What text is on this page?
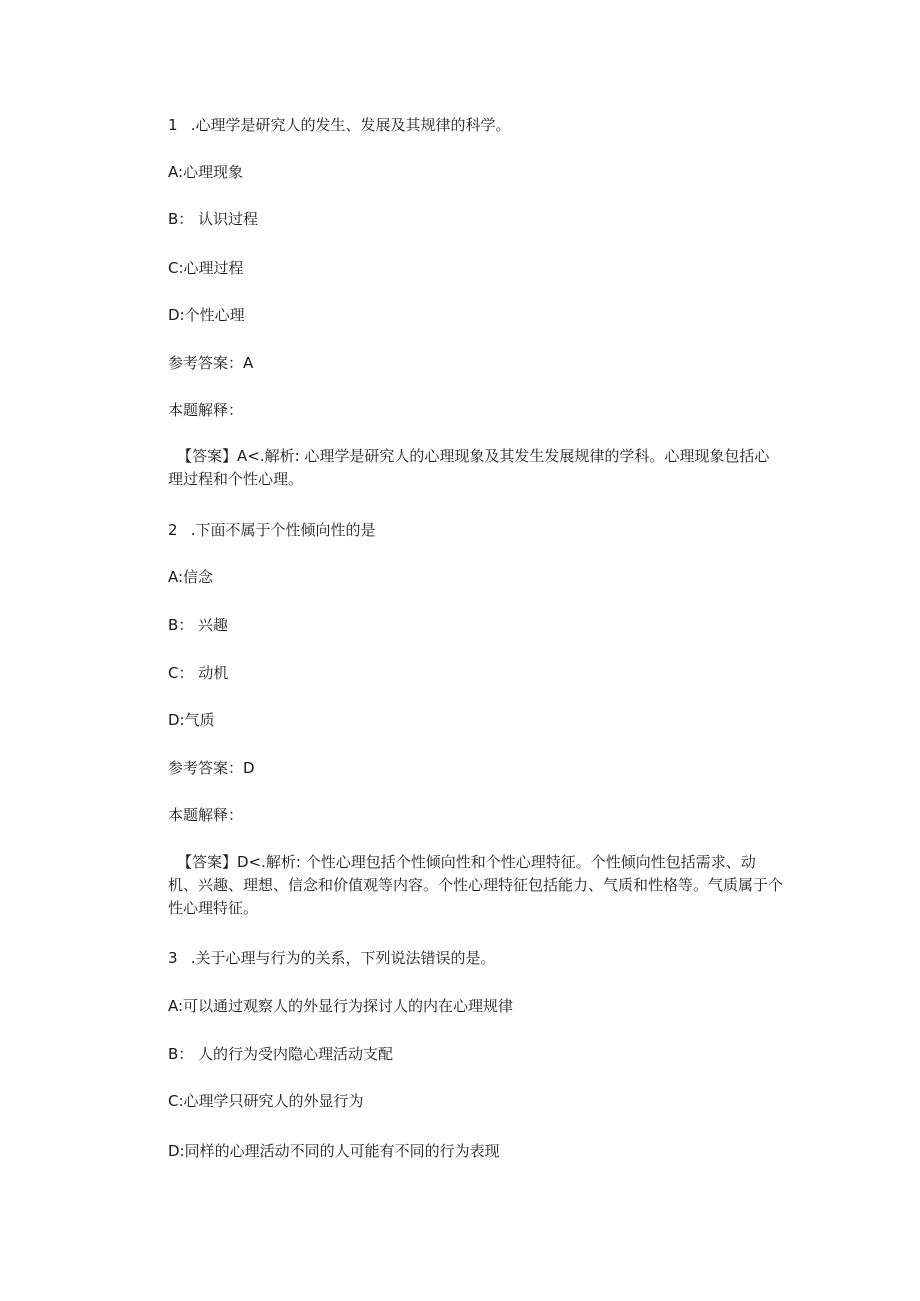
1 .心理学是研究人的发生、发展及其规律的科学。
A:心理现象
B： 认识过程
C:心理过程
D:个性心理
参考答案：A
本题解释：
【答案】A<.解析: 心理学是研究人的心理现象及其发生发展规律的学科。心理现象包括心理过程和个性心理。
2 .下面不属于个性倾向性的是
A:信念
B： 兴趣
C： 动机
D:气质
参考答案：D
本题解释：
【答案】D<.解析: 个性心理包括个性倾向性和个性心理特征。个性倾向性包括需求、动机、兴趣、理想、信念和价值观等内容。个性心理特征包括能力、气质和性格等。气质属于个性心理特征。
3 .关于心理与行为的关系，下列说法错误的是。
A:可以通过观察人的外显行为探讨人的内在心理规律
B： 人的行为受内隐心理活动支配
C:心理学只研究人的外显行为
D:同样的心理活动不同的人可能有不同的行为表现
